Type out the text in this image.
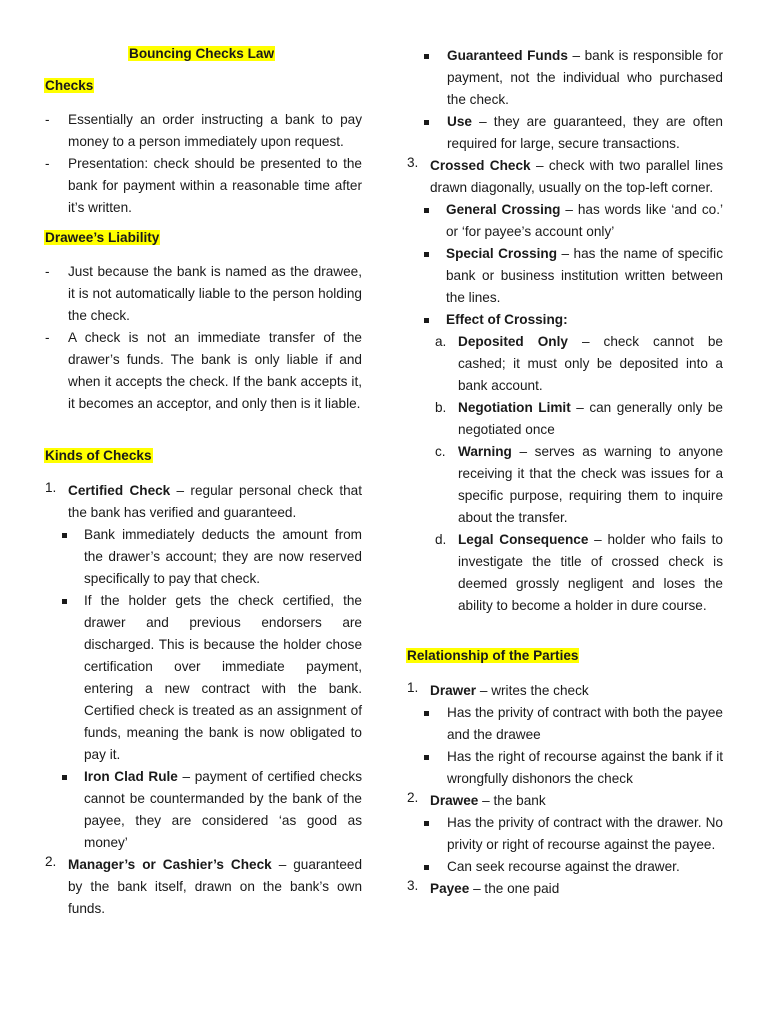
Bouncing Checks Law
Checks
- Essentially an order instructing a bank to pay money to a person immediately upon request.
- Presentation: check should be presented to the bank for payment within a reasonable time after it’s written.
Drawee’s Liability
- Just because the bank is named as the drawee, it is not automatically liable to the person holding the check.
- A check is not an immediate transfer of the drawer’s funds. The bank is only liable if and when it accepts the check. If the bank accepts it, it becomes an acceptor, and only then is it liable.
Kinds of Checks
1. Certified Check – regular personal check that the bank has verified and guaranteed.

Bank immediately deducts the amount from the drawer’s account; they are now reserved specifically to pay that check.
If the holder gets the check certified, the drawer and previous endorsers are discharged. This is because the holder chose certification over immediate payment, entering a new contract with the bank. Certified check is treated as an assignment of funds, meaning the bank is now obligated to pay it.
Iron Clad Rule – payment of certified checks cannot be countermanded by the bank of the payee, they are considered ‘as good as money’
2. Manager’s or Cashier’s Check – guaranteed by the bank itself, drawn on the bank’s own funds.

Guaranteed Funds – bank is responsible for payment, not the individual who purchased the check.
Use – they are guaranteed, they are often required for large, secure transactions.
3. Crossed Check – check with two parallel lines drawn diagonally, usually on the top-left corner.

General Crossing – has words like ‘and co.’ or ‘for payee’s account only’
Special Crossing – has the name of specific bank or business institution written between the lines.
Effect of Crossing:
a. Deposited Only – check cannot be cashed; it must only be deposited into a bank account.
b. Negotiation Limit – can generally only be negotiated once
c. Warning – serves as warning to anyone receiving it that the check was issues for a specific purpose, requiring them to inquire about the transfer.
d. Legal Consequence – holder who fails to investigate the title of crossed check is deemed grossly negligent and loses the ability to become a holder in dure course.
Relationship of the Parties
1. Drawer – writes the check

Has the privity of contract with both the payee and the drawee
Has the right of recourse against the bank if it wrongfully dishonors the check
2. Drawee – the bank

Has the privity of contract with the drawer. No privity or right of recourse against the payee.
Can seek recourse against the drawer.
3. Payee – the one paid
